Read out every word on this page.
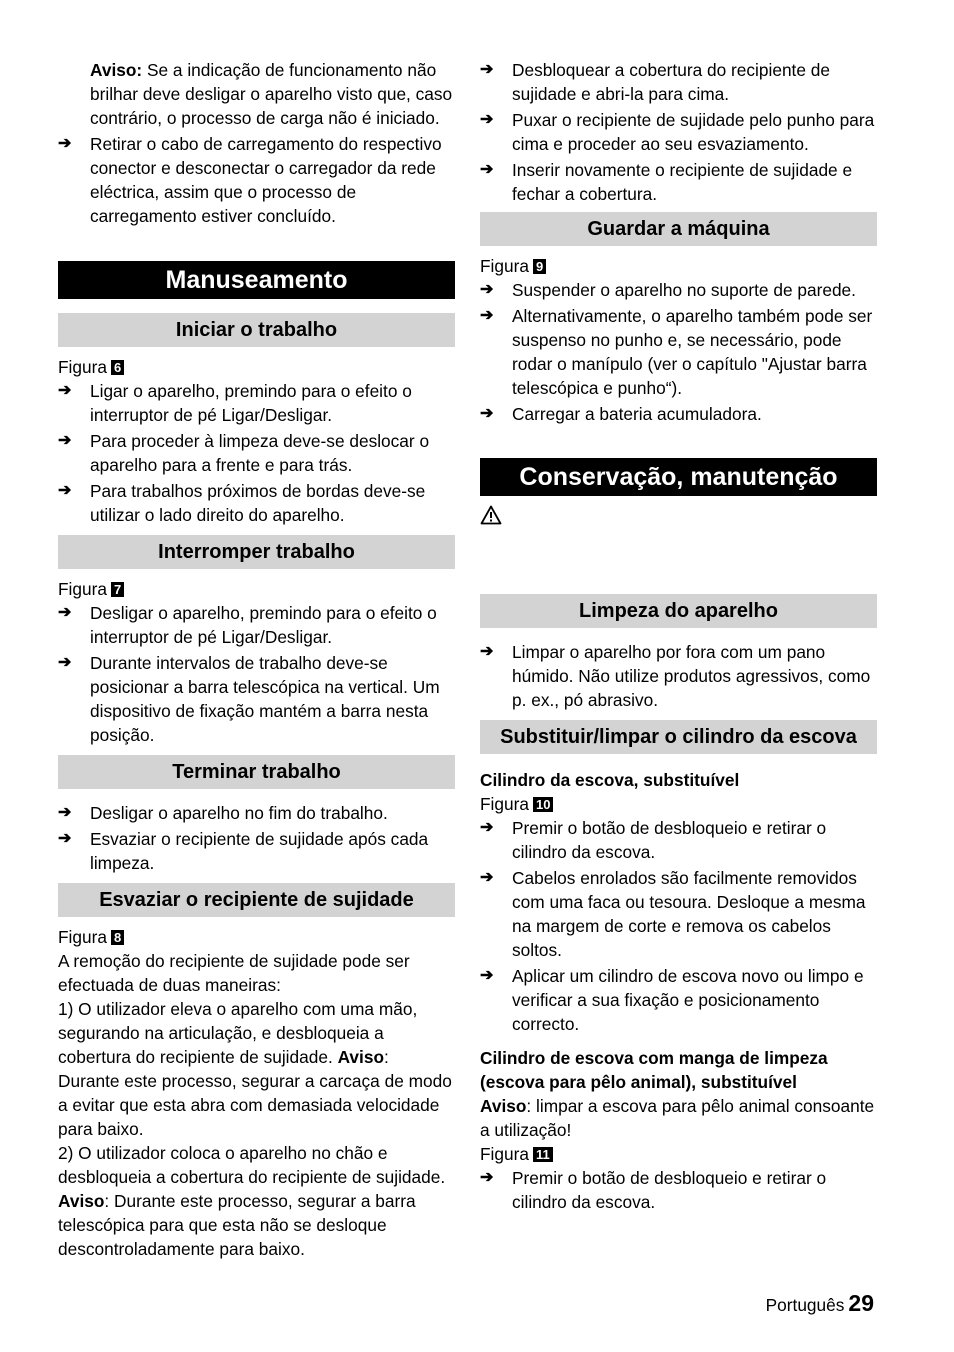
Aviso: Se a indicação de funcionamento não brilhar deve desligar o aparelho visto que, caso contrário, o processo de carga não é iniciado.

➔	Retirar o cabo de carregamento do respectivo conector e desconectar o carregador da rede eléctrica, assim que o processo de carregamento estiver concluído.
Manuseamento
Iniciar o trabalho

Figura 6

➔	Ligar o aparelho, premindo para o efeito o interruptor de pé Ligar/Desligar.
➔	Para proceder à limpeza deve-se deslocar o aparelho para a frente e para trás.
➔	Para trabalhos próximos de bordas deve-se utilizar o lado direito do aparelho.
Interromper trabalho

Figura 7

➔	Desligar o aparelho, premindo para o efeito o interruptor de pé Ligar/Desligar.
➔	Durante intervalos de trabalho deve-se posicionar a barra telescópica na vertical. Um dispositivo de fixação mantém a barra nesta posição.
Terminar trabalho
➔	Desligar o aparelho no fim do trabalho.
➔	Esvaziar o recipiente de sujidade após cada limpeza.
Esvaziar o recipiente de sujidade

Figura 8

A remoção do recipiente de sujidade pode ser efectuada de duas maneiras:

1) O utilizador eleva o aparelho com uma mão, segurando na articulação, e desbloqueia a cobertura do recipiente de sujidade. Aviso: Durante este processo, segurar a carcaça de modo a evitar que esta abra com demasiada velocidade para baixo.

2) O utilizador coloca o aparelho no chão e desbloqueia a cobertura do recipiente de sujidade. Aviso: Durante este processo, segurar a barra telescópica para que esta não se desloque descontroladamente para baixo.

➔	Desbloquear a cobertura do recipiente de sujidade e abri-la para cima.
➔	Puxar o recipiente de sujidade pelo punho para cima e proceder ao seu esvaziamento.
➔	Inserir novamente o recipiente de sujidade e fechar a cobertura.
Guardar a máquina

Figura 9

➔	Suspender o aparelho no suporte de parede.
➔	Alternativamente, o aparelho também pode ser suspenso no punho e, se necessário, pode rodar o manípulo (ver o capítulo "Ajustar barra telescópica e punho“).
➔	Carregar a bateria acumuladora.
Conservação, manutenção
Limpeza do aparelho
➔	Limpar o aparelho por fora com um pano húmido. Não utilize produtos agressivos, como p. ex., pó abrasivo.
Substituir/limpar o cilindro da escova

Cilindro da escova, substituível

Figura 10

➔	Premir o botão de desbloqueio e retirar o cilindro da escova.
➔	Cabelos enrolados são facilmente removidos com uma faca ou tesoura. Desloque a mesma na margem de corte e remova os cabelos soltos.
➔	Aplicar um cilindro de escova novo ou limpo e verificar a sua fixação e posicionamento correcto.

Cilindro de escova com manga de limpeza (escova para pêlo animal), substituível

Aviso: limpar a escova para pêlo animal consoante a utilização!

Figura 11

➔	Premir o botão de desbloqueio e retirar o cilindro da escova.
Português 29
